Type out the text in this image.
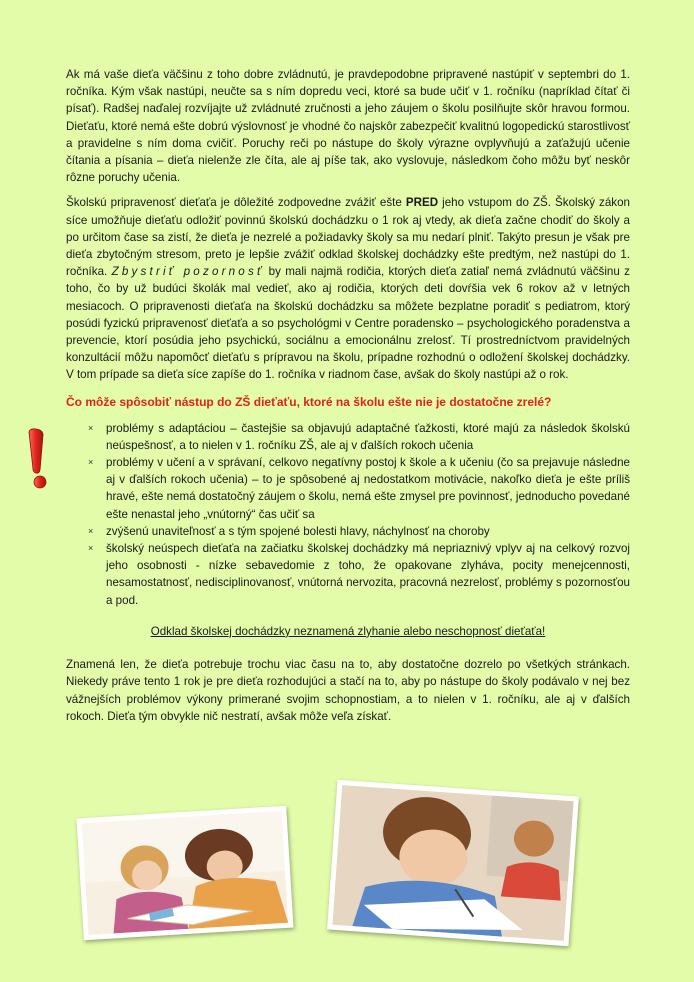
Ak má vaše dieťa väčšinu z toho dobre zvládnutú, je pravdepodobne pripravené nastúpiť v septembri do 1. ročníka. Kým však nastúpi, neučte sa s ním dopredu veci, ktoré sa bude učiť v 1. ročníku (napríklad čítať či písať). Radšej naďalej rozvíjajte už zvládnuté zručnosti a jeho záujem o školu posilňujte skôr hravou formou. Dieťaťu, ktoré nemá ešte dobrú výslovnosť je vhodné čo najskôr zabezpečiť kvalitnú logopedickú starostlivosť a pravidelne s ním doma cvičiť. Poruchy reči po nástupe do školy výrazne ovplyvňujú a zaťažujú učenie čítania a písania – dieťa nielenže zle číta, ale aj píše tak, ako vyslovuje, následkom čoho môžu byť neskôr rôzne poruchy učenia.

Školskú pripravenosť dieťaťa je dôležité zodpovedne zvážiť ešte PRED jeho vstupom do ZŠ. Školský zákon síce umožňuje dieťaťu odložiť povinnú školskú dochádzku o 1 rok aj vtedy, ak dieťa začne chodiť do školy a po určitom čase sa zistí, že dieťa je nezrelé a požiadavky školy sa mu nedarí plniť. Takýto presun je však pre dieťa zbytočným stresom, preto je lepšie zvážiť odklad školskej dochádzky ešte predtým, než nastúpi do 1. ročníka. Zbystriť pozornosť by mali najmä rodičia, ktorých dieťa zatiaľ nemá zvládnutú väčšinu z toho, čo by už budúci školák mal vedieť, ako aj rodičia, ktorých deti dovŕšia vek 6 rokov až v letných mesiacoch. O pripravenosti dieťaťa na školskú dochádzku sa môžete bezplatne poradiť s pediatrom, ktorý posúdi fyzickú pripravenosť dieťaťa a so psychológmi v Centre poradensko – psychologického poradenstva a prevencie, ktorí posúdia jeho psychickú, sociálnu a emocionálnu zrelosť. Tí prostredníctvom pravidelných konzultácií môžu napomôcť dieťaťu s prípravou na školu, prípadne rozhodnú o odložení školskej dochádzky. V tom prípade sa dieťa síce zapíše do 1. ročníka v riadnom čase, avšak do školy nastúpi až o rok.

Čo môže spôsobiť nástup do ZŠ dieťaťu, ktoré na školu ešte nie je dostatočne zrelé?
× problémy s adaptáciou – častejšie sa objavujú adaptačné ťažkosti, ktoré majú za následok školskú neúspešnosť, a to nielen v 1. ročníku ZŠ, ale aj v ďalších rokoch učenia
× problémy v učení a v správaní, celkovo negatívny postoj k škole a k učeniu (čo sa prejavuje následne aj v ďalších rokoch učenia) – to je spôsobené aj nedostatkom motivácie, nakoľko dieťa je ešte príliš hravé, ešte nemá dostatočný záujem o školu, nemá ešte zmysel pre povinnosť, jednoducho povedané ešte nenastal jeho „vnútorný“ čas učiť sa
× zvýšenú unaviteľnosť a s tým spojené bolesti hlavy, náchylnosť na choroby
× školský neúspech dieťaťa na začiatku školskej dochádzky má nepriaznivý vplyv aj na celkový rozvoj jeho osobnosti - nízke sebavedomie z toho, že opakovane zlyháva, pocity menejcennosti, nesamostatnosť, nedisciplinovanosť, vnútorná nervozita, pracovná nezrelosť, problémy s pozornosťou a pod.
Odklad školskej dochádzky neznamená zlyhanie alebo neschopnosť dieťaťa!

Znamená len, že dieťa potrebuje trochu viac času na to, aby dostatočne dozrelo po všetkých stránkach. Niekedy práve tento 1 rok je pre dieťa rozhodujúci a stačí na to, aby po nástupe do školy podávalo v nej bez vážnejších problémov výkony primerané svojim schopnostiam, a to nielen v 1. ročníku, ale aj v ďalších rokoch. Dieťa tým obvykle nič nestratí, avšak môže veľa získať.
